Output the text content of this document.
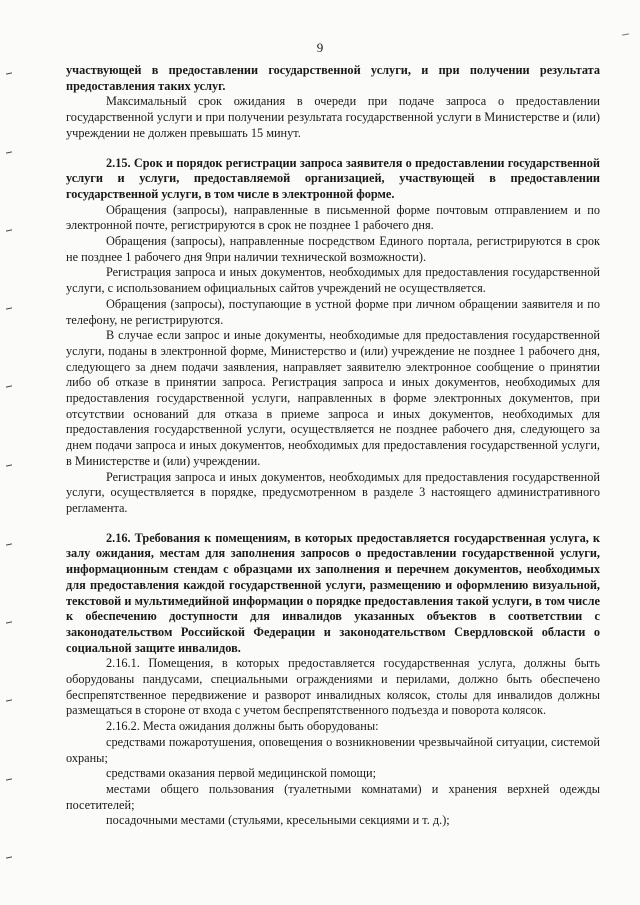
9

участвующей в предоставлении государственной услуги, и при получении результата предоставления таких услуг.

Максимальный срок ожидания в очереди при подаче запроса о предоставлении государственной услуги и при получении результата государственной услуги в Министерстве и (или) учреждении не должен превышать 15 минут.

2.15. Срок и порядок регистрации запроса заявителя о предоставлении государственной услуги и услуги, предоставляемой организацией, участвующей в предоставлении государственной услуги, в том числе в электронной форме.

Обращения (запросы), направленные в письменной форме почтовым отправлением и по электронной почте, регистрируются в срок не позднее 1 рабочего дня.

Обращения (запросы), направленные посредством Единого портала, регистрируются в срок не позднее 1 рабочего дня 9при наличии технической возможности).

Регистрация запроса и иных документов, необходимых для предоставления государственной услуги, с использованием официальных сайтов учреждений не осуществляется.

Обращения (запросы), поступающие в устной форме при личном обращении заявителя и по телефону, не регистрируются.

В случае если запрос и иные документы, необходимые для предоставления государственной услуги, поданы в электронной форме, Министерство и (или) учреждение не позднее 1 рабочего дня, следующего за днем подачи заявления, направляет заявителю электронное сообщение о принятии либо об отказе в принятии запроса. Регистрация запроса и иных документов, необходимых для предоставления государственной услуги, направленных в форме электронных документов, при отсутствии оснований для отказа в приеме запроса и иных документов, необходимых для предоставления государственной услуги, осуществляется не позднее рабочего дня, следующего за днем подачи запроса и иных документов, необходимых для предоставления государственной услуги, в Министерстве и (или) учреждении.

Регистрация запроса и иных документов, необходимых для предоставления государственной услуги, осуществляется в порядке, предусмотренном в разделе 3 настоящего административного регламента.

2.16. Требования к помещениям, в которых предоставляется государственная услуга, к залу ожидания, местам для заполнения запросов о предоставлении государственной услуги, информационным стендам с образцами их заполнения и перечнем документов, необходимых для предоставления каждой государственной услуги, размещению и оформлению визуальной, текстовой и мультимедийной информации о порядке предоставления такой услуги, в том числе к обеспечению доступности для инвалидов указанных объектов в соответствии с законодательством Российской Федерации и законодательством Свердловской области о социальной защите инвалидов.

2.16.1. Помещения, в которых предоставляется государственная услуга, должны быть оборудованы пандусами, специальными ограждениями и перилами, должно быть обеспечено беспрепятственное передвижение и разворот инвалидных колясок, столы для инвалидов должны размещаться в стороне от входа с учетом беспрепятственного подъезда и поворота колясок.

2.16.2. Места ожидания должны быть оборудованы:

средствами пожаротушения, оповещения о возникновении чрезвычайной ситуации, системой охраны;

средствами оказания первой медицинской помощи;

местами общего пользования (туалетными комнатами) и хранения верхней одежды посетителей;

посадочными местами (стульями, кресельными секциями и т. д.);
